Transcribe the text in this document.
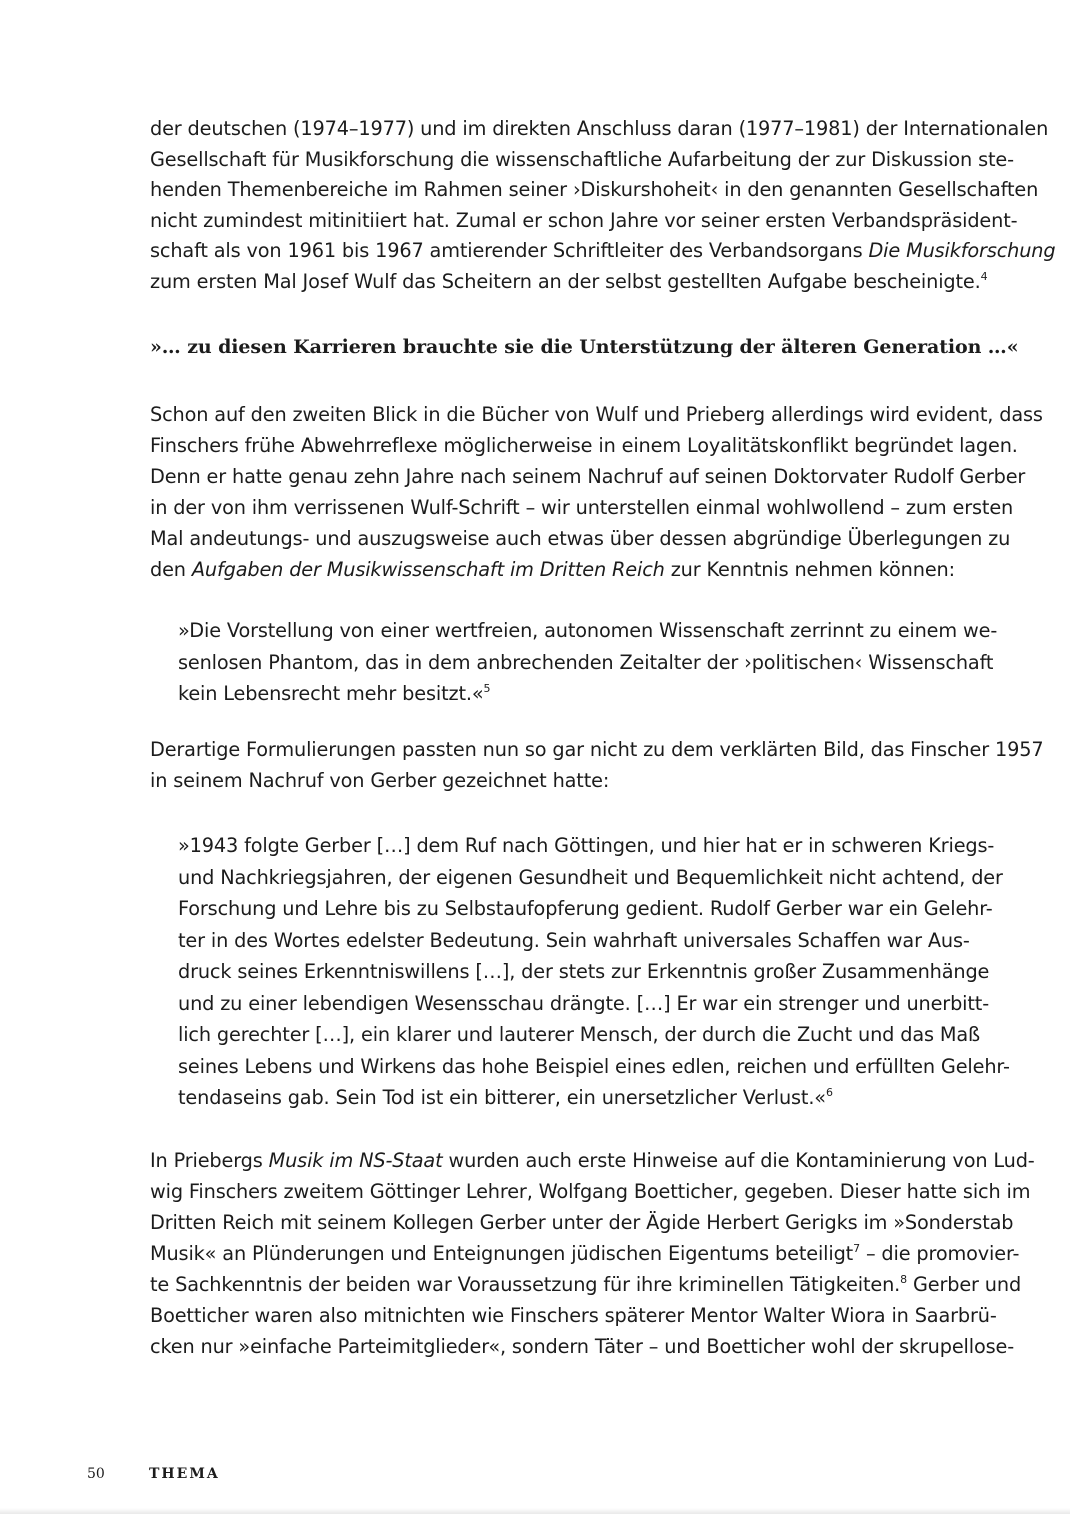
der deutschen (1974–1977) und im direkten Anschluss daran (1977–1981) der Internationalen
Gesellschaft für Musikforschung die wissenschaftliche Aufarbeitung der zur Diskussion ste-
henden Themenbereiche im Rahmen seiner ›Diskurshoheit‹ in den genannten Gesellschaften
nicht zumindest mitinitiiert hat. Zumal er schon Jahre vor seiner ersten Verbandspräsident-
schaft als von 1961 bis 1967 amtierender Schriftleiter des Verbandsorgans Die Musikforschung
zum ersten Mal Josef Wulf das Scheitern an der selbst gestellten Aufgabe bescheinigte.$^4$
»… zu diesen Karrieren brauchte sie die Unterstützung der älteren Generation …«
Schon auf den zweiten Blick in die Bücher von Wulf und Prieberg allerdings wird evident, dass
Finschers frühe Abwehrreflexe möglicherweise in einem Loyalitätskonflikt begründet lagen.
Denn er hatte genau zehn Jahre nach seinem Nachruf auf seinen Doktorvater Rudolf Gerber
in der von ihm verrissenen Wulf-Schrift – wir unterstellen einmal wohlwollend – zum ersten
Mal andeutungs- und auszugsweise auch etwas über dessen abgründige Überlegungen zu
den Aufgaben der Musikwissenschaft im Dritten Reich zur Kenntnis nehmen können:
»Die Vorstellung von einer wertfreien, autonomen Wissenschaft zerrinnt zu einem we-
senlosen Phantom, das in dem anbrechenden Zeitalter der ›politischen‹ Wissenschaft
kein Lebensrecht mehr besitzt.«$^5$
Derartige Formulierungen passten nun so gar nicht zu dem verklärten Bild, das Finscher 1957
in seinem Nachruf von Gerber gezeichnet hatte:
»1943 folgte Gerber […] dem Ruf nach Göttingen, und hier hat er in schweren Kriegs-
und Nachkriegsjahren, der eigenen Gesundheit und Bequemlichkeit nicht achtend, der
Forschung und Lehre bis zu Selbstaufopferung gedient. Rudolf Gerber war ein Gelehr-
ter in des Wortes edelster Bedeutung. Sein wahrhaft universales Schaffen war Aus-
druck seines Erkenntniswillens […], der stets zur Erkenntnis großer Zusammenhänge
und zu einer lebendigen Wesensschau drängte. […] Er war ein strenger und unerbitt-
lich gerechter […], ein klarer und lauterer Mensch, der durch die Zucht und das Maß
seines Lebens und Wirkens das hohe Beispiel eines edlen, reichen und erfüllten Gelehr-
tendaseins gab. Sein Tod ist ein bitterer, ein unersetzlicher Verlust.«$^6$
In Priebergs Musik im NS-Staat wurden auch erste Hinweise auf die Kontaminierung von Lud-
wig Finschers zweitem Göttinger Lehrer, Wolfgang Boetticher, gegeben. Dieser hatte sich im
Dritten Reich mit seinem Kollegen Gerber unter der Ägide Herbert Gerigks im »Sonderstab
Musik« an Plünderungen und Enteignungen jüdischen Eigentums beteiligt$^7$ – die promovier-
te Sachkenntnis der beiden war Voraussetzung für ihre kriminellen Tätigkeiten.$^8$ Gerber und
Boetticher waren also mitnichten wie Finschers späterer Mentor Walter Wiora in Saarbrü-
cken nur »einfache Parteimitglieder«, sondern Täter – und Boetticher wohl der skrupellose-
50	THEMA
